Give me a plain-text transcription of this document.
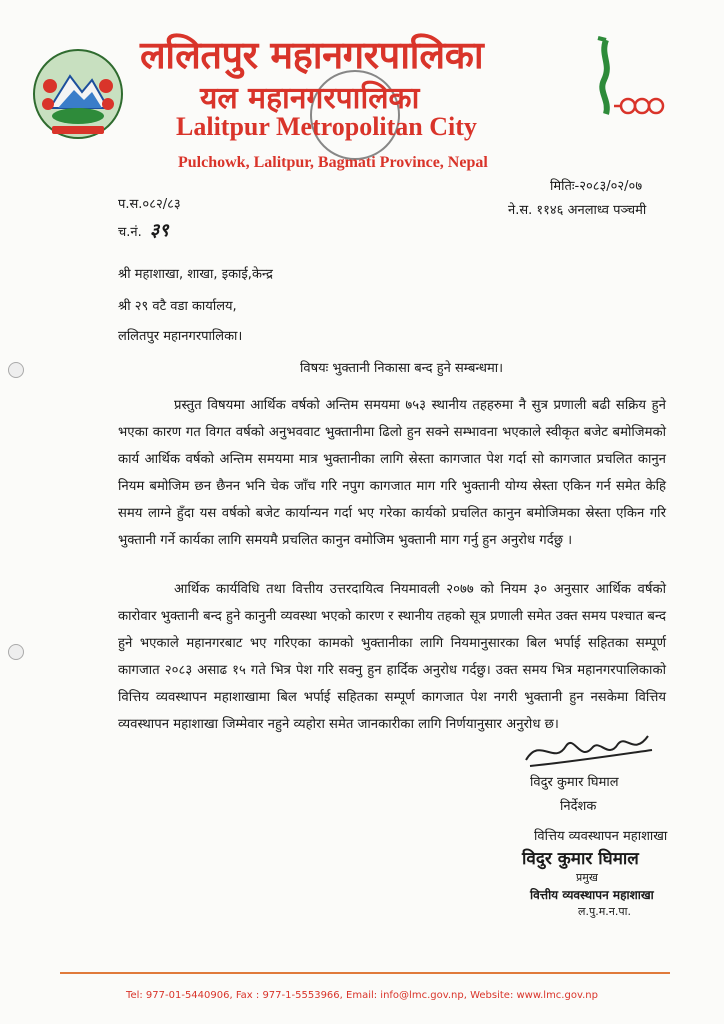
ललितपुर महानगरपालिका
यल महानगरपालिका
Lalitpur Metropolitan City
Pulchowk, Lalitpur, Bagmati Province, Nepal
प.स.०८२/८३
च.नं. ३९
मितिः-२०८३/०२/०७
ने.स. ११४६ अनलाध्व पञ्चमी
श्री महाशाखा, शाखा, इकाई,केन्द्र
श्री २९ वटै वडा कार्यालय,
ललितपुर महानगरपालिका।
विषयः भुक्तानी निकासा बन्द हुने सम्बन्धमा।
प्रस्तुत विषयमा आर्थिक वर्षको अन्तिम समयमा ७५३ स्थानीय तहहरुमा नै सुत्र प्रणाली बढी सक्रिय हुने भएका कारण गत विगत वर्षको अनुभववाट भुक्तानीमा ढिलो हुन सक्ने सम्भावना भएकाले स्वीकृत बजेट बमोजिमको कार्य आर्थिक वर्षको अन्तिम समयमा मात्र भुक्तानीका लागि स्रेस्ता कागजात पेश गर्दा सो कागजात प्रचलित कानुन नियम बमोजिम छन छैनन भनि चेक जाँच गरि नपुग कागजात माग गरि भुक्तानी योग्य स्रेस्ता एकिन गर्न समेत केहि समय लाग्ने हुँदा यस वर्षको बजेट कार्यान्यन गर्दा भए गरेका कार्यको प्रचलित कानुन बमोजिमका स्रेस्ता एकिन गरि भुक्तानी गर्ने कार्यका लागि समयमै प्रचलित कानुन वमोजिम भुक्तानी माग गर्नु हुन अनुरोध गर्दछु ।
आर्थिक कार्यविधि तथा वित्तीय उत्तरदायित्व नियमावली २०७७ को नियम ३० अनुसार आर्थिक वर्षको कारोवार भुक्तानी बन्द हुने कानुनी व्यवस्था भएको कारण र स्थानीय तहको सूत्र प्रणाली समेत उक्त समय पश्चात बन्द हुने भएकाले महानगरबाट भए गरिएका कामको भुक्तानीका लागि नियमानुसारका बिल भर्पाई सहितका सम्पूर्ण कागजात २०८३ असाढ १५ गते भित्र पेश गरि सक्नु हुन हार्दिक अनुरोध गर्दछु। उक्त समय भित्र महानगरपालिकाको वित्तिय व्यवस्थापन महाशाखामा बिल भर्पाई सहितका सम्पूर्ण कागजात पेश नगरी भुक्तानी हुन नसकेमा वित्तिय व्यवस्थापन महाशाखा जिम्मेवार नहुने व्यहोरा समेत जानकारीका लागि निर्णयानुसार अनुरोध छ।
विदुर कुमार घिमाल
निर्देशक
वित्तिय व्यवस्थापन महाशाखा
विदुर कुमार घिमाल
प्रमुख
वित्तीय व्यवस्थापन महाशाखा
ल.पु.म.न.पा.
Tel: 977-01-5440906, Fax : 977-1-5553966, Email: info@lmc.gov.np, Website: www.lmc.gov.np
